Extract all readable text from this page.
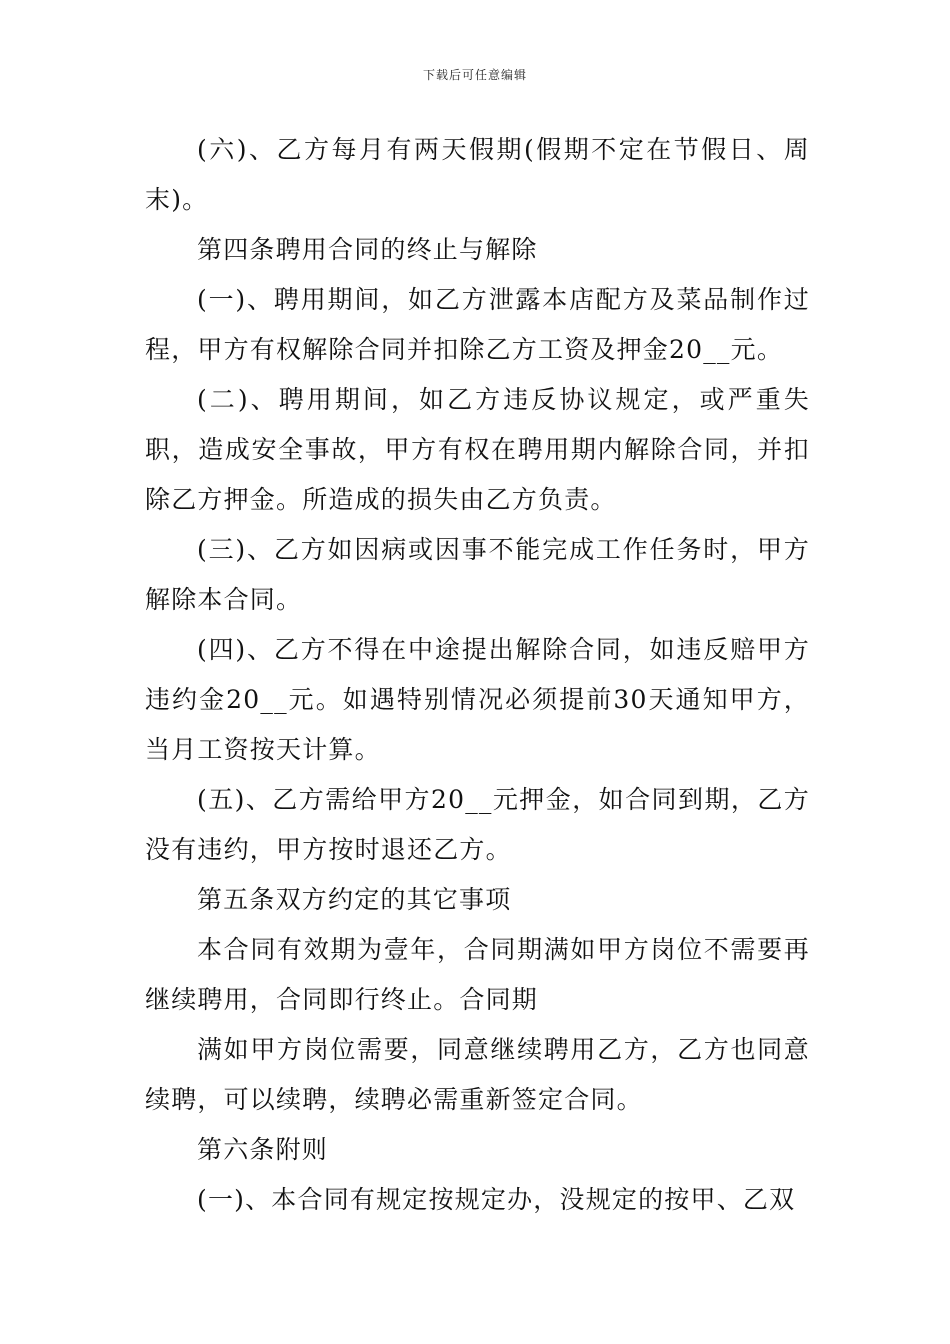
下载后可任意编辑

(六)、乙方每月有两天假期(假期不定在节假日、周末)。

第四条聘用合同的终止与解除

(一)、聘用期间，如乙方泄露本店配方及菜品制作过程，甲方有权解除合同并扣除乙方工资及押金20__元。

(二)、聘用期间，如乙方违反协议规定，或严重失职，造成安全事故，甲方有权在聘用期内解除合同，并扣除乙方押金。所造成的损失由乙方负责。

(三)、乙方如因病或因事不能完成工作任务时，甲方解除本合同。

(四)、乙方不得在中途提出解除合同，如违反赔甲方违约金20__元。如遇特别情况必须提前30天通知甲方，当月工资按天计算。

(五)、乙方需给甲方20__元押金，如合同到期，乙方没有违约，甲方按时退还乙方。

第五条双方约定的其它事项

本合同有效期为壹年，合同期满如甲方岗位不需要再继续聘用，合同即行终止。合同期

满如甲方岗位需要，同意继续聘用乙方，乙方也同意续聘，可以续聘，续聘必需重新签定合同。

第六条附则

(一)、本合同有规定按规定办，没规定的按甲、乙双
